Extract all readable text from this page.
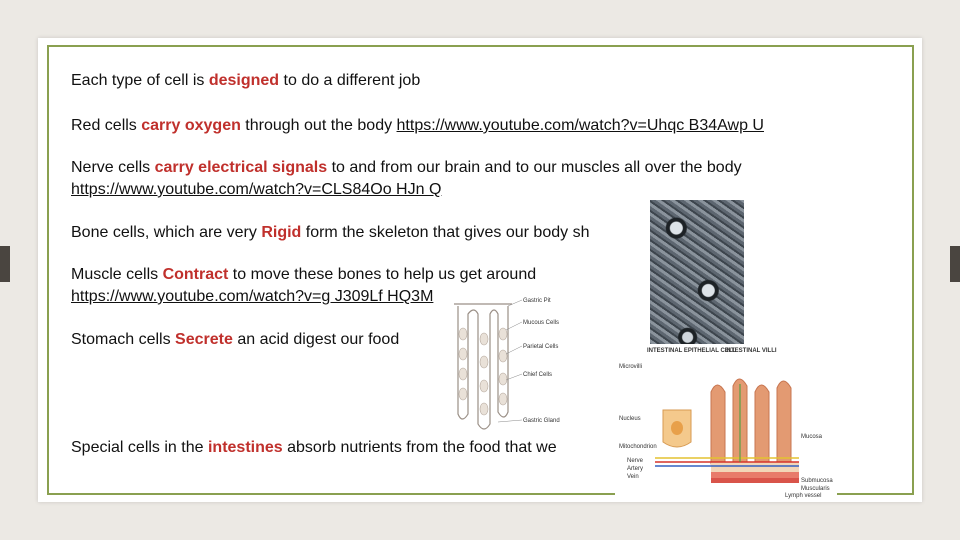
Each type of cell is designed to do a different job
Red cells carry oxygen through out the body https://www.youtube.com/watch?v=Uhqc B34Awp U
Nerve cells carry electrical signals to and from our brain and to our muscles all over the body
https://www.youtube.com/watch?v=CLS84Oo HJn Q
Bone cells, which are very Rigid form the skeleton that gives our body sh
Muscle cells Contract to move these bones to help us get around
https://www.youtube.com/watch?v=g J309Lf HQ3M
Stomach cells Secrete an acid digest our food
Special cells in the intestines absorb nutrients from the food that we
Gastric Pit
Mucous Cells
Parietal Cells
Chief Cells
Gastric Gland
INTESTINAL EPITHELIAL CELL
INTESTINAL VILLI
Microvilli
Nucleus
Mitochondrion
Nerve
Artery
Vein
Mucosa
Submucosa
Muscularis
Lymph vessel
